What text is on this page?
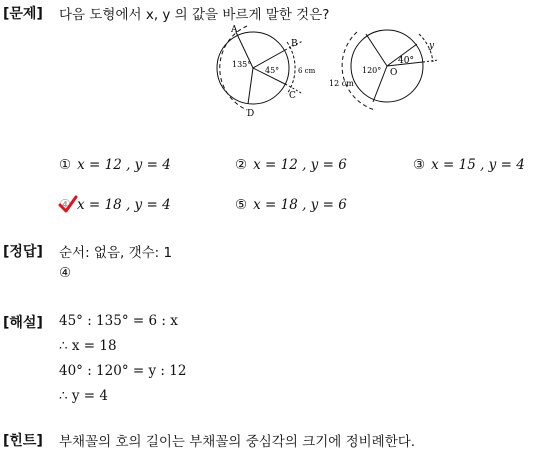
[문제] 다음 도형에서 x, y 의 값을 바르게 말한 것은?
A
B
C
D
135°
45°	6 cm
40°
O
120°
12 cm
y
① x = 12 , y = 4	② x = 12 , y = 6	③ x = 15 , y = 4
④ x = 18 , y = 4	⑤ x = 18 , y = 6
[정답] 순서: 없음, 갯수: 1
④
[해설] 45° : 135° = 6 : x
∴ x = 18
40° : 120° = y : 12
∴ y = 4
[힌트] 부채꼴의 호의 길이는 부채꼴의 중심각의 크기에 정비례한다.
